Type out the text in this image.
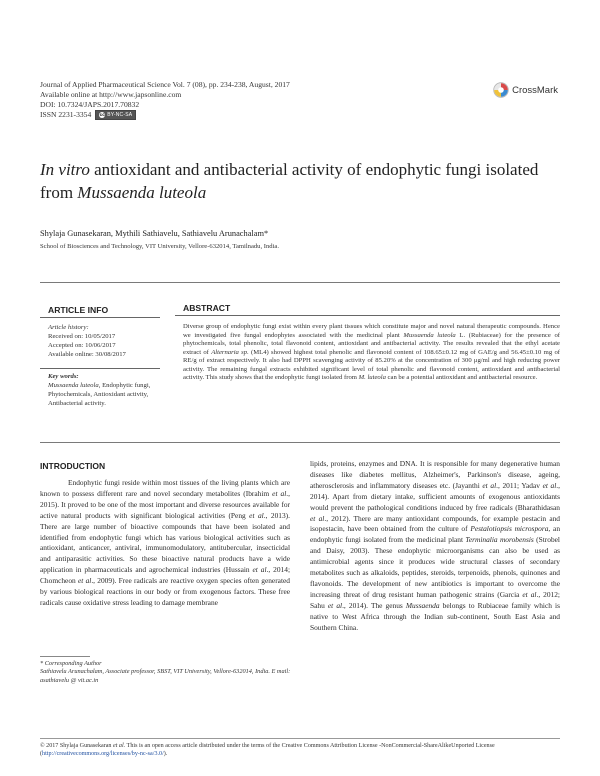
Journal of Applied Pharmaceutical Science Vol. 7 (08), pp. 234-238, August, 2017
Available online at http://www.japsonline.com
DOI: 10.7324/JAPS.2017.70832
ISSN 2231-3354 cc BY-NC-SA
CrossMark
In vitro antioxidant and antibacterial activity of endophytic fungi isolated from Mussaenda luteola
Shylaja Gunasekaran, Mythili Sathiavelu, Sathiavelu Arunachalam*
School of Biosciences and Technology, VIT University, Vellore-632014, Tamilnadu, India.
ARTICLE INFO
Article history:
Received on: 10/05/2017
Accepted on: 10/06/2017
Available online: 30/08/2017
Key words:
Mussaenda luteola, Endophytic fungi, Phytochemicals, Antioxidant activity, Antibacterial activity.
ABSTRACT
Diverse group of endophytic fungi exist within every plant tissues which constitute major and novel natural therapeutic compounds. Hence we investigated five fungal endophytes associated with the medicinal plant Mussaenda luteola L. (Rubiaceae) for the presence of phytochemicals, total phenolic, total flavonoid content, antioxidant and antibacterial activity. The results revealed that the ethyl acetate extract of Alternaria sp. (ML4) showed highest total phenolic and flavonoid content of 108.65±0.12 mg of GAE/g and 56.45±0.10 mg of RE/g of extract respectively. It also had DPPH scavenging activity of 85.20% at the concentration of 300 μg/ml and high reducing power activity. The remaining fungal extracts exhibited significant level of total phenolic and flavonoid content, antioxidant and antibacterial activity. This study shows that the endophytic fungi isolated from M. luteola can be a potential antioxidant and antibacterial resource.
INTRODUCTION

Endophytic fungi reside within most tissues of the living plants which are known to possess different rare and novel secondary metabolites (Ibrahim et al., 2015). It proved to be one of the most important and diverse resources available for active natural products with significant biological activities (Peng et al., 2013). There are large number of bioactive compounds that have been isolated and identified from endophytic fungi which has various biological activities such as antioxidant, anticancer, antiviral, immunomodulatory, antitubercular, insecticidal and antiparasitic activities. So these bioactive natural products have a wide application in pharmaceuticals and agrochemical industries (Hussain et al., 2014; Chomcheon et al., 2009). Free radicals are reactive oxygen species often generated by various biological reactions in our body or from exogenous factors. These free radicals cause oxidative stress leading to damage membrane

lipids, proteins, enzymes and DNA. It is responsible for many degenerative human diseases like diabetes mellitus, Alzheimer's, Parkinson's disease, ageing, atherosclerosis and inflammatory diseases etc. (Jayanthi et al., 2011; Yadav et al., 2014). Apart from dietary intake, sufficient amounts of exogenous antioxidants would prevent the pathological conditions induced by free radicals (Bharathidasan et al., 2012). There are many antioxidant compounds, for example pestacin and isopestacin, have been obtained from the culture of Pestalotiopsis microspora, an endophytic fungi isolated from the medicinal plant Terminalia morobensis (Strobel and Daisy, 2003). These endophytic microorganisms can also be used as antimicrobial agents since it produces wide structural classes of secondary metabolites such as alkaloids, peptides, steroids, terpenoids, phenols, quinones and flavonoids. The development of new antibiotics is important to overcome the increasing threat of drug resistant human pathogenic strains (Garcia et al., 2012; Sahu et al., 2014). The genus Mussaenda belongs to Rubiaceae family which is native to West Africa through the Indian sub-continent, South East Asia and Southern China.

* Corresponding Author
Sathiavelu Arunachalam, Associate professor, SBST, VIT University, Vellore-632014, India. E mail: asathiavelu @ vit.ac.in
© 2017 Shylaja Gunasekaran et al. This is an open access article distributed under the terms of the Creative Commons Attribution License -NonCommercial-ShareAlikeUnported License (http://creativecommons.org/licenses/by-nc-sa/3.0/).
